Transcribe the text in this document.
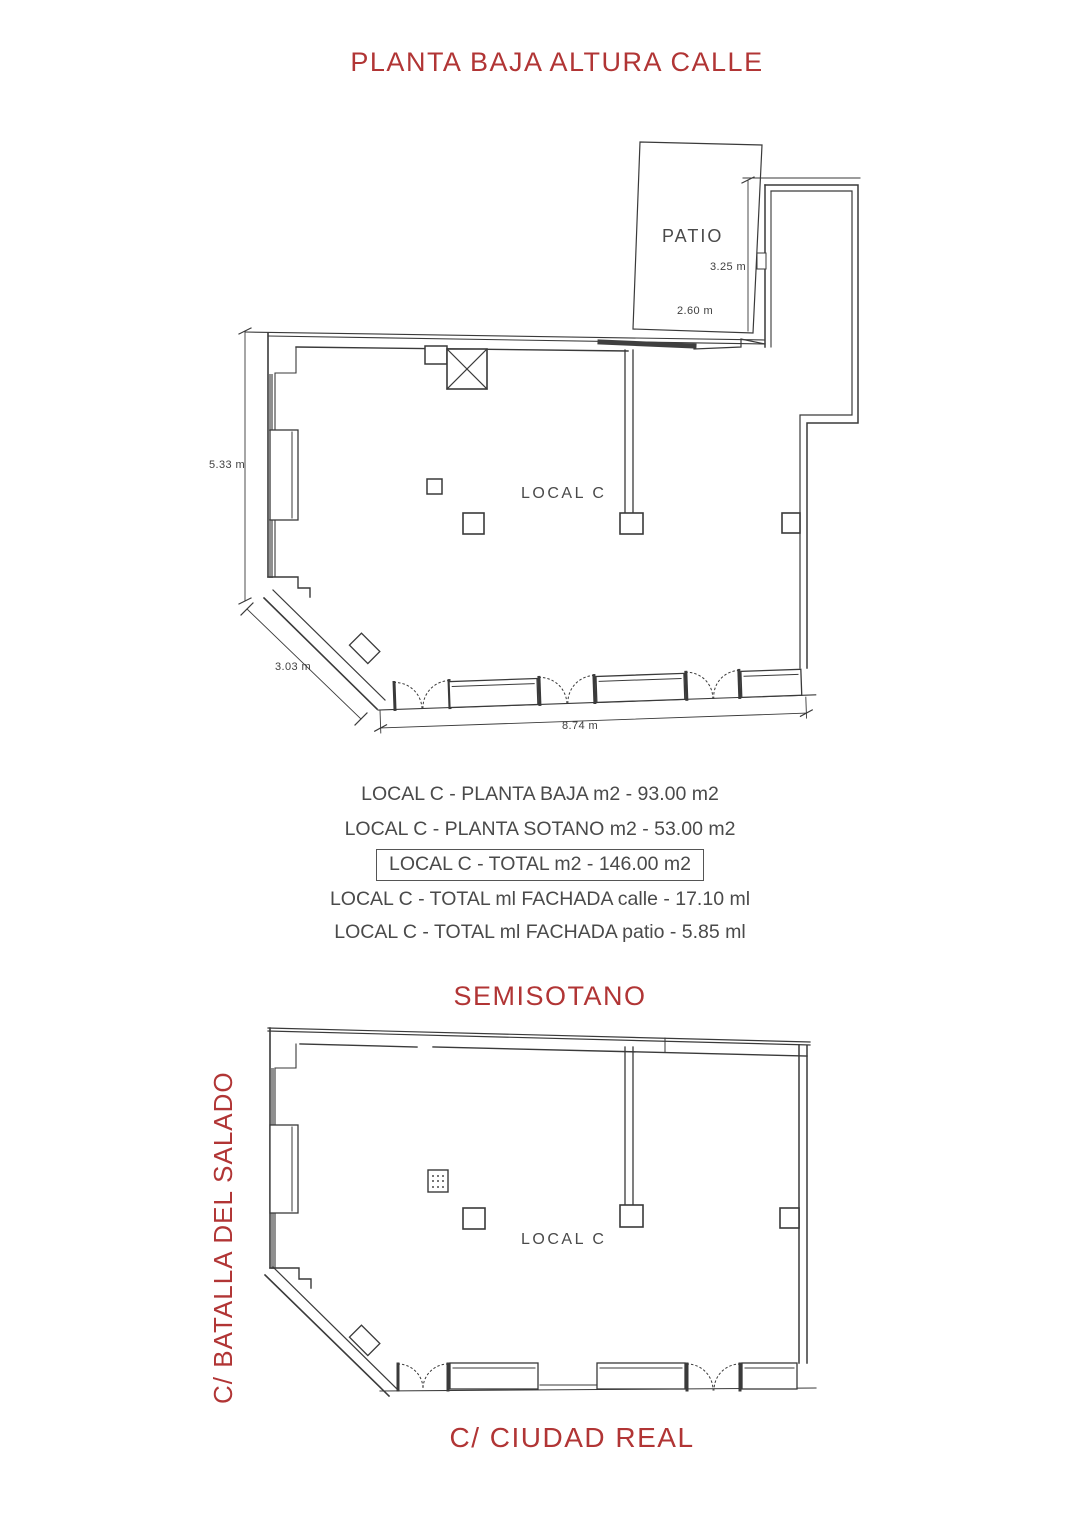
PLANTA BAJA ALTURA CALLE
PATIO
3.25 m
2.60 m
5.33 m
3.03 m
8.74 m
LOCAL C
LOCAL C - PLANTA BAJA m2 - 93.00 m2
LOCAL C - PLANTA SOTANO m2 - 53.00 m2
LOCAL C - TOTAL m2 - 146.00 m2
LOCAL C - TOTAL ml FACHADA calle - 17.10 ml
LOCAL C - TOTAL ml FACHADA patio - 5.85 ml
SEMISOTANO
LOCAL C
C/ BATALLA DEL SALADO
C/ CIUDAD REAL
